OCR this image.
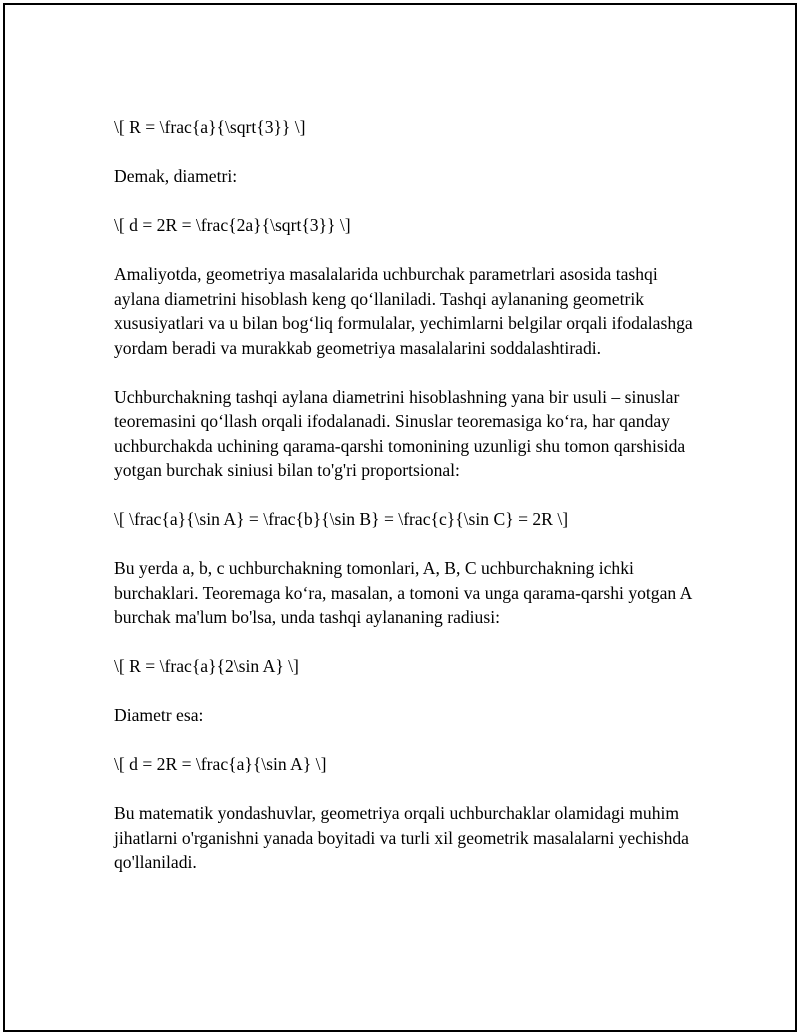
\[ R = \frac{a}{\sqrt{3}} \]

Demak, diametri:

\[ d = 2R = \frac{2a}{\sqrt{3}} \]

Amaliyotda, geometriya masalalarida uchburchak parametrlari asosida tashqi aylana diametrini hisoblash keng qo‘llaniladi. Tashqi aylananing geometrik xususiyatlari va u bilan bog‘liq formulalar, yechimlarni belgilar orqali ifodalashga yordam beradi va murakkab geometriya masalalarini soddalashtiradi.

Uchburchakning tashqi aylana diametrini hisoblashning yana bir usuli – sinuslar teoremasini qo‘llash orqali ifodalanadi. Sinuslar teoremasiga ko‘ra, har qanday uchburchakda uchining qarama-qarshi tomonining uzunligi shu tomon qarshisida yotgan burchak siniusi bilan to'g'ri proportsional:

\[ \frac{a}{\sin A} = \frac{b}{\sin B} = \frac{c}{\sin C} = 2R \]

Bu yerda a, b, c uchburchakning tomonlari, A, B, C uchburchakning ichki burchaklari. Teoremaga ko‘ra, masalan, a tomoni va unga qarama-qarshi yotgan A burchak ma'lum bo'lsa, unda tashqi aylananing radiusi:

\[ R = \frac{a}{2\sin A} \]

Diametr esa:

\[ d = 2R = \frac{a}{\sin A} \]

Bu matematik yondashuvlar, geometriya orqali uchburchaklar olamidagi muhim jihatlarni o'rganishni yanada boyitadi va turli xil geometrik masalalarni yechishda qo'llaniladi.
